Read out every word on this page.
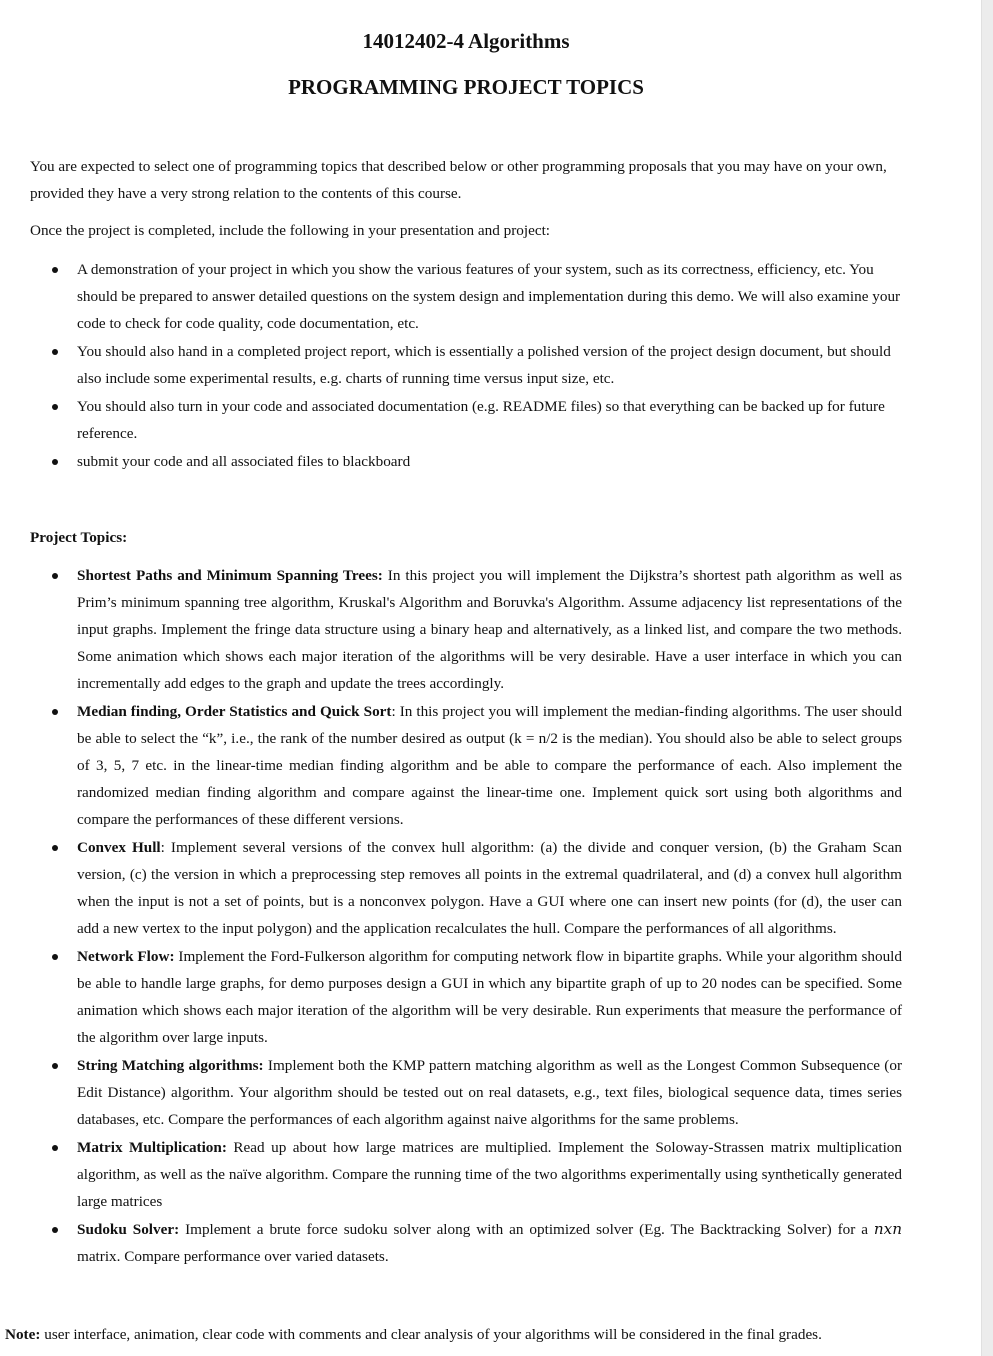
14012402-4 Algorithms
PROGRAMMING PROJECT TOPICS

You are expected to select one of programming topics that described below or other programming proposals that you may have on your own, provided they have a very strong relation to the contents of this course.

Once the project is completed, include the following in your presentation and project:

A demonstration of your project in which you show the various features of your system, such as its correctness, efficiency, etc. You should be prepared to answer detailed questions on the system design and implementation during this demo. We will also examine your code to check for code quality, code documentation, etc.
You should also hand in a completed project report, which is essentially a polished version of the project design document, but should also include some experimental results, e.g. charts of running time versus input size, etc.
You should also turn in your code and associated documentation (e.g. README files) so that everything can be backed up for future reference.
submit your code and all associated files to blackboard
Project Topics:
Shortest Paths and Minimum Spanning Trees: In this project you will implement the Dijkstra’s shortest path algorithm as well as Prim’s minimum spanning tree algorithm, Kruskal's Algorithm and Boruvka's Algorithm. Assume adjacency list representations of the input graphs. Implement the fringe data structure using a binary heap and alternatively, as a linked list, and compare the two methods. Some animation which shows each major iteration of the algorithms will be very desirable. Have a user interface in which you can incrementally add edges to the graph and update the trees accordingly.
Median finding, Order Statistics and Quick Sort: In this project you will implement the median-finding algorithms. The user should be able to select the “k”, i.e., the rank of the number desired as output (k = n/2 is the median). You should also be able to select groups of 3, 5, 7 etc. in the linear-time median finding algorithm and be able to compare the performance of each. Also implement the randomized median finding algorithm and compare against the linear-time one. Implement quick sort using both algorithms and compare the performances of these different versions.
Convex Hull: Implement several versions of the convex hull algorithm: (a) the divide and conquer version, (b) the Graham Scan version, (c) the version in which a preprocessing step removes all points in the extremal quadrilateral, and (d) a convex hull algorithm when the input is not a set of points, but is a nonconvex polygon. Have a GUI where one can insert new points (for (d), the user can add a new vertex to the input polygon) and the application recalculates the hull. Compare the performances of all algorithms.
Network Flow: Implement the Ford-Fulkerson algorithm for computing network flow in bipartite graphs. While your algorithm should be able to handle large graphs, for demo purposes design a GUI in which any bipartite graph of up to 20 nodes can be specified. Some animation which shows each major iteration of the algorithm will be very desirable. Run experiments that measure the performance of the algorithm over large inputs.
String Matching algorithms: Implement both the KMP pattern matching algorithm as well as the Longest Common Subsequence (or Edit Distance) algorithm. Your algorithm should be tested out on real datasets, e.g., text files, biological sequence data, times series databases, etc. Compare the performances of each algorithm against naive algorithms for the same problems.
Matrix Multiplication: Read up about how large matrices are multiplied. Implement the Soloway-Strassen matrix multiplication algorithm, as well as the naïve algorithm. Compare the running time of the two algorithms experimentally using synthetically generated large matrices
Sudoku Solver: Implement a brute force sudoku solver along with an optimized solver (Eg. The Backtracking Solver) for a 𝑛𝑥𝑛 matrix. Compare performance over varied datasets.

Note: user interface, animation, clear code with comments and clear analysis of your algorithms will be considered in the final grades.
